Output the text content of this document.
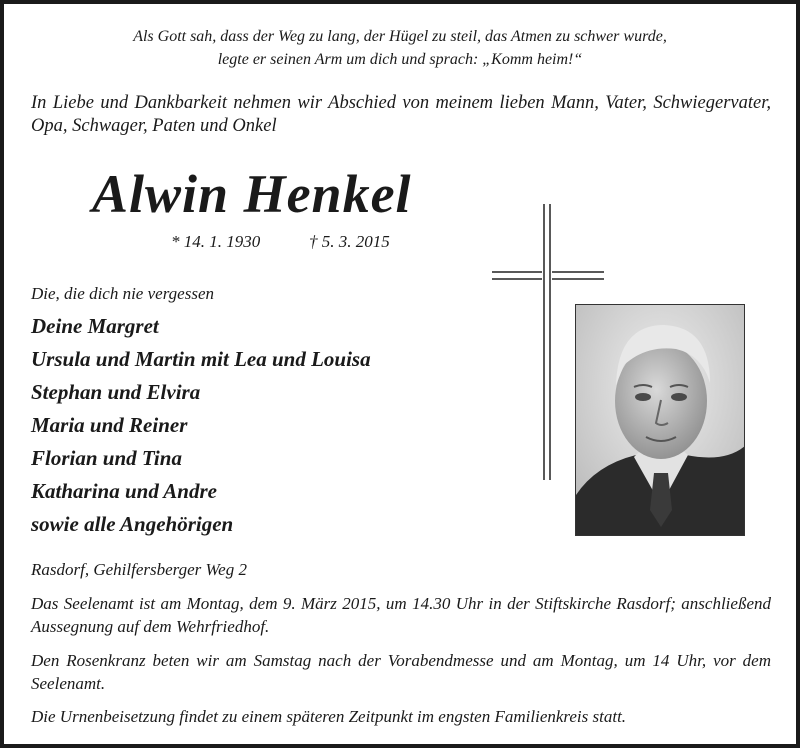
Als Gott sah, dass der Weg zu lang, der Hügel zu steil, das Atmen zu schwer wurde,
legte er seinen Arm um dich und sprach: „Komm heim!“
In Liebe und Dankbarkeit nehmen wir Abschied von meinem lieben Mann, Vater, Schwiegervater, Opa, Schwager, Paten und Onkel
Alwin Henkel
* 14. 1. 1930	† 5. 3. 2015
Die, die dich nie vergessen
Deine Margret
Ursula und Martin mit Lea und Louisa
Stephan und Elvira
Maria und Reiner
Florian und Tina
Katharina und Andre
sowie alle Angehörigen
Rasdorf, Gehilfersberger Weg 2
Das Seelenamt ist am Montag, dem 9. März 2015, um 14.30 Uhr in der Stiftskirche Rasdorf; anschließend Aussegnung auf dem Wehrfriedhof.
Den Rosenkranz beten wir am Samstag nach der Vorabendmesse und am Montag, um 14 Uhr, vor dem Seelenamt.
Die Urnenbeisetzung findet zu einem späteren Zeitpunkt im engsten Familienkreis statt.
